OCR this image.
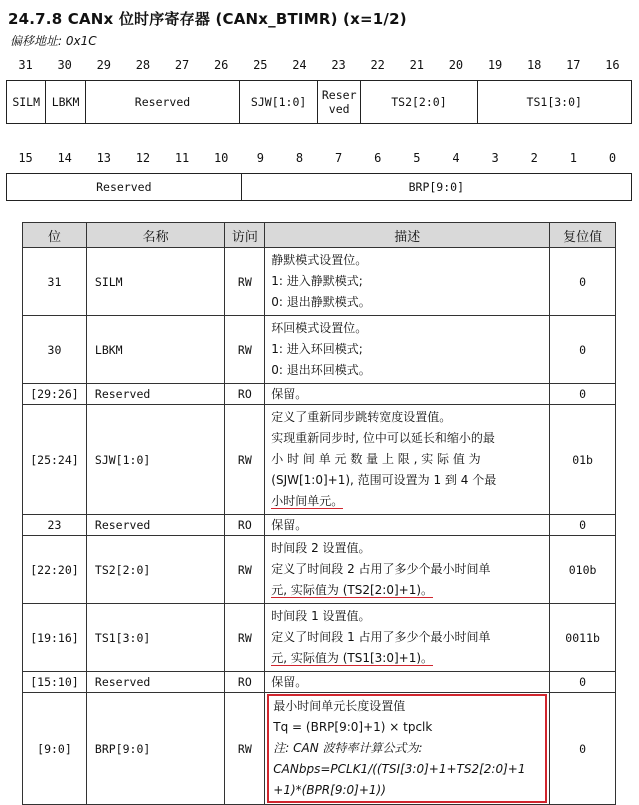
24.7.8 CANx 位时序寄存器 (CANx_BTIMR) (x=1/2)
偏移地址: 0x1C
31	30	29	28	27	26	25	24	23	22	21	20	19	18	17	16
SILM	LBKM	Reserved	SJW[1:0]	Reser ved	TS2[2:0]	TS1[3:0]
15	14	13	12	11	10	9	8	7	6	5	4	3	2	1	0
Reserved	BRP[9:0]
位	名称	访问	描述	复位值
31	SILM	RW	静默模式设置位。
1: 进入静默模式;
0: 退出静默模式。	0
30	LBKM	RW	环回模式设置位。
1: 进入环回模式;
0: 退出环回模式。	0
[29:26]	Reserved	RO	保留。	0
[25:24]	SJW[1:0]	RW	定义了重新同步跳转宽度设置值。
实现重新同步时, 位中可以延长和缩小的最
小 时 间 单 元 数 量 上 限 , 实 际 值 为
(SJW[1:0]+1), 范围可设置为 1 到 4 个最
小时间单元。	01b
23	Reserved	RO	保留。	0
[22:20]	TS2[2:0]	RW	时间段 2 设置值。
定义了时间段 2 占用了多少个最小时间单
元, 实际值为 (TS2[2:0]+1)。	010b
[19:16]	TS1[3:0]	RW	时间段 1 设置值。
定义了时间段 1 占用了多少个最小时间单
元, 实际值为 (TS1[3:0]+1)。	0011b
[15:10]	Reserved	RO	保留。	0
[9:0]	BRP[9:0]	RW	最小时间单元长度设置值
Tq = (BRP[9:0]+1) × tpclk
注: CAN 波特率计算公式为:
CANbps=PCLK1/((TSI[3:0]+1+TS2[2:0]+1
+1)*(BPR[9:0]+1))	0
